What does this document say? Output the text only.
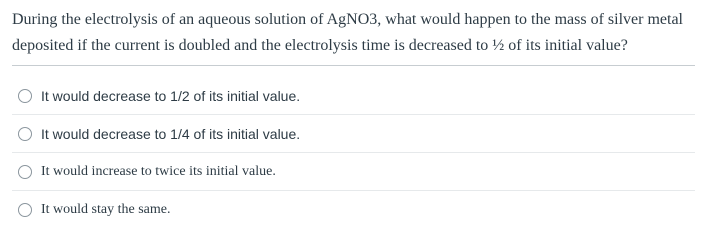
During the electrolysis of an aqueous solution of AgNO3, what would happen to the mass of silver metal deposited if the current is doubled and the electrolysis time is decreased to ½ of its initial value?
It would decrease to 1/2 of its initial value.
It would decrease to 1/4 of its initial value.
It would increase to twice its initial value.
It would stay the same.
